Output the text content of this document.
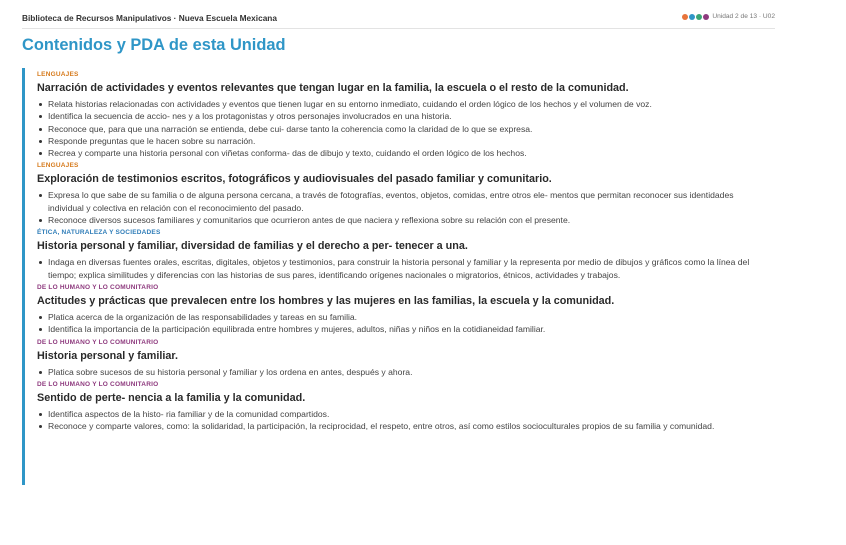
Biblioteca de Recursos Manipulativos · Nueva Escuela Mexicana	Unidad 2 de 13 · U02
Contenidos y PDA de esta Unidad
LENGUAJES
Narración de actividades y eventos relevantes que tengan lugar en la familia, la escuela o el resto de la comunidad.
Relata historias relacionadas con actividades y eventos que tienen lugar en su entorno inmediato, cuidando el orden lógico de los hechos y el volumen de voz.
Identifica la secuencia de accio- nes y a los protagonistas y otros personajes involucrados en una historia.
Reconoce que, para que una narración se entienda, debe cui- darse tanto la coherencia como la claridad de lo que se expresa.
Responde preguntas que le hacen sobre su narración.
Recrea y comparte una historia personal con viñetas conforma- das de dibujo y texto, cuidando el orden lógico de los hechos.
LENGUAJES
Exploración de testimonios escritos, fotográficos y audiovisuales del pasado familiar y comunitario.
Expresa lo que sabe de su familia o de alguna persona cercana, a través de fotografías, eventos, objetos, comidas, entre otros ele- mentos que permitan reconocer sus identidades individual y colectiva en relación con el reconocimiento del pasado.
Reconoce diversos sucesos familiares y comunitarios que ocurrieron antes de que naciera y reflexiona sobre su relación con el presente.
ÉTICA, NATURALEZA Y SOCIEDADES
Historia personal y familiar, diversidad de familias y el derecho a per- tenecer a una.
Indaga en diversas fuentes orales, escritas, digitales, objetos y testimonios, para construir la historia personal y familiar y la representa por medio de dibujos y gráficos como la línea del tiempo; explica similitudes y diferencias con las historias de sus pares, identificando orígenes nacionales o migratorios, étnicos, actividades y trabajos.
DE LO HUMANO Y LO COMUNITARIO
Actitudes y prácticas que prevalecen entre los hombres y las mujeres en las familias, la escuela y la comunidad.
Platica acerca de la organización de las responsabilidades y tareas en su familia.
Identifica la importancia de la participación equilibrada entre hombres y mujeres, adultos, niñas y niños en la cotidianeidad familiar.
DE LO HUMANO Y LO COMUNITARIO
Historia personal y familiar.
Platica sobre sucesos de su historia personal y familiar y los ordena en antes, después y ahora.
DE LO HUMANO Y LO COMUNITARIO
Sentido de perte- nencia a la familia y la comunidad.
Identifica aspectos de la histo- ria familiar y de la comunidad compartidos.
Reconoce y comparte valores, como: la solidaridad, la participación, la reciprocidad, el respeto, entre otros, así como estilos socioculturales propios de su familia y comunidad.
